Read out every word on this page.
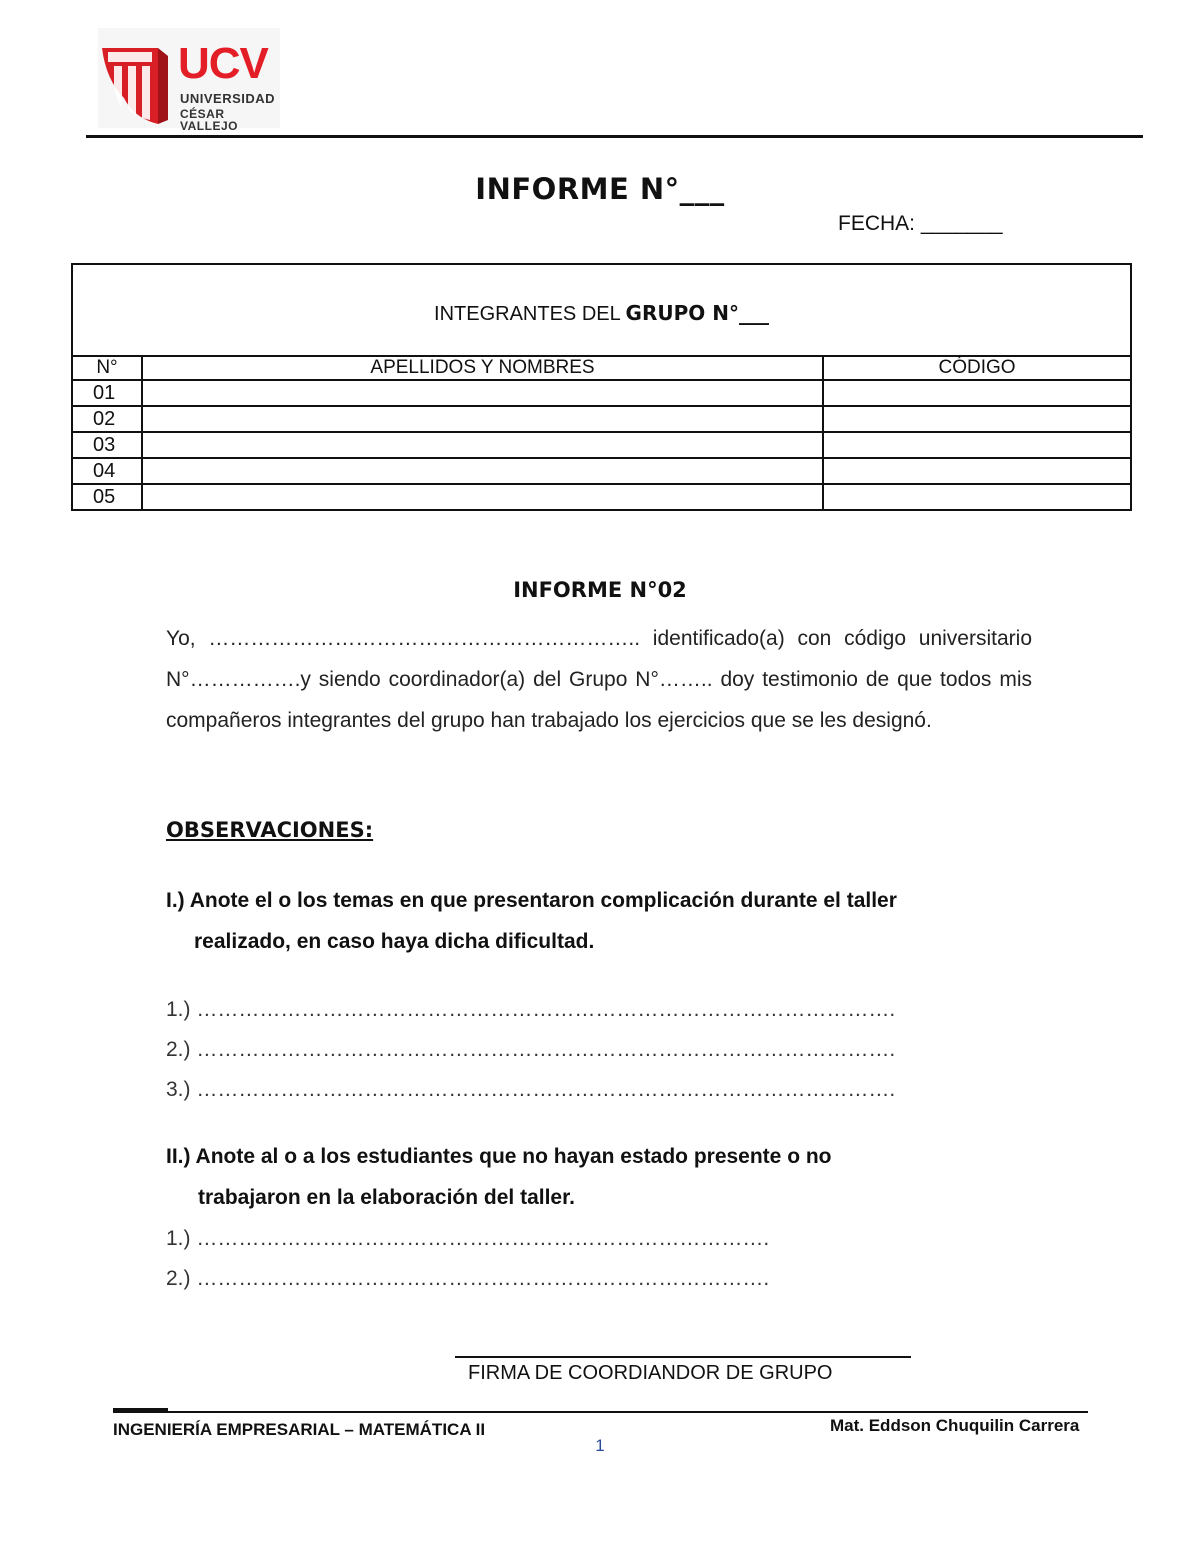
UCV
UNIVERSIDAD
CÉSAR VALLEJO
INFORME N°___
FECHA: _______
INTEGRANTES DEL GRUPO N°___		
N°	APELLIDOS Y NOMBRES	CÓDIGO
01		
02		
03		
04		
05		
INFORME N°02
Yo, …………………………………………………….. identificado(a) con código universitario N°…………….y siendo coordinador(a) del Grupo N°…….. doy testimonio de que todos mis compañeros integrantes del grupo han trabajado los ejercicios que se les designó.
OBSERVACIONES:
I.) Anote el o los temas en que presentaron complicación durante el taller
realizado, en caso haya dicha dificultad.
1.) ……………………………………………………………………………………….
2.) ……………………………………………………………………………………….
3.) ……………………………………………………………………………………….
II.) Anote al o a los estudiantes que no hayan estado presente o no
trabajaron en la elaboración del taller.
1.) ……………………………………………………………………….
2.) ……………………………………………………………………….
FIRMA DE COORDIANDOR DE GRUPO
INGENIERÍA EMPRESARIAL – MATEMÁTICA II	Mat. Eddson Chuquilin Carrera
1
